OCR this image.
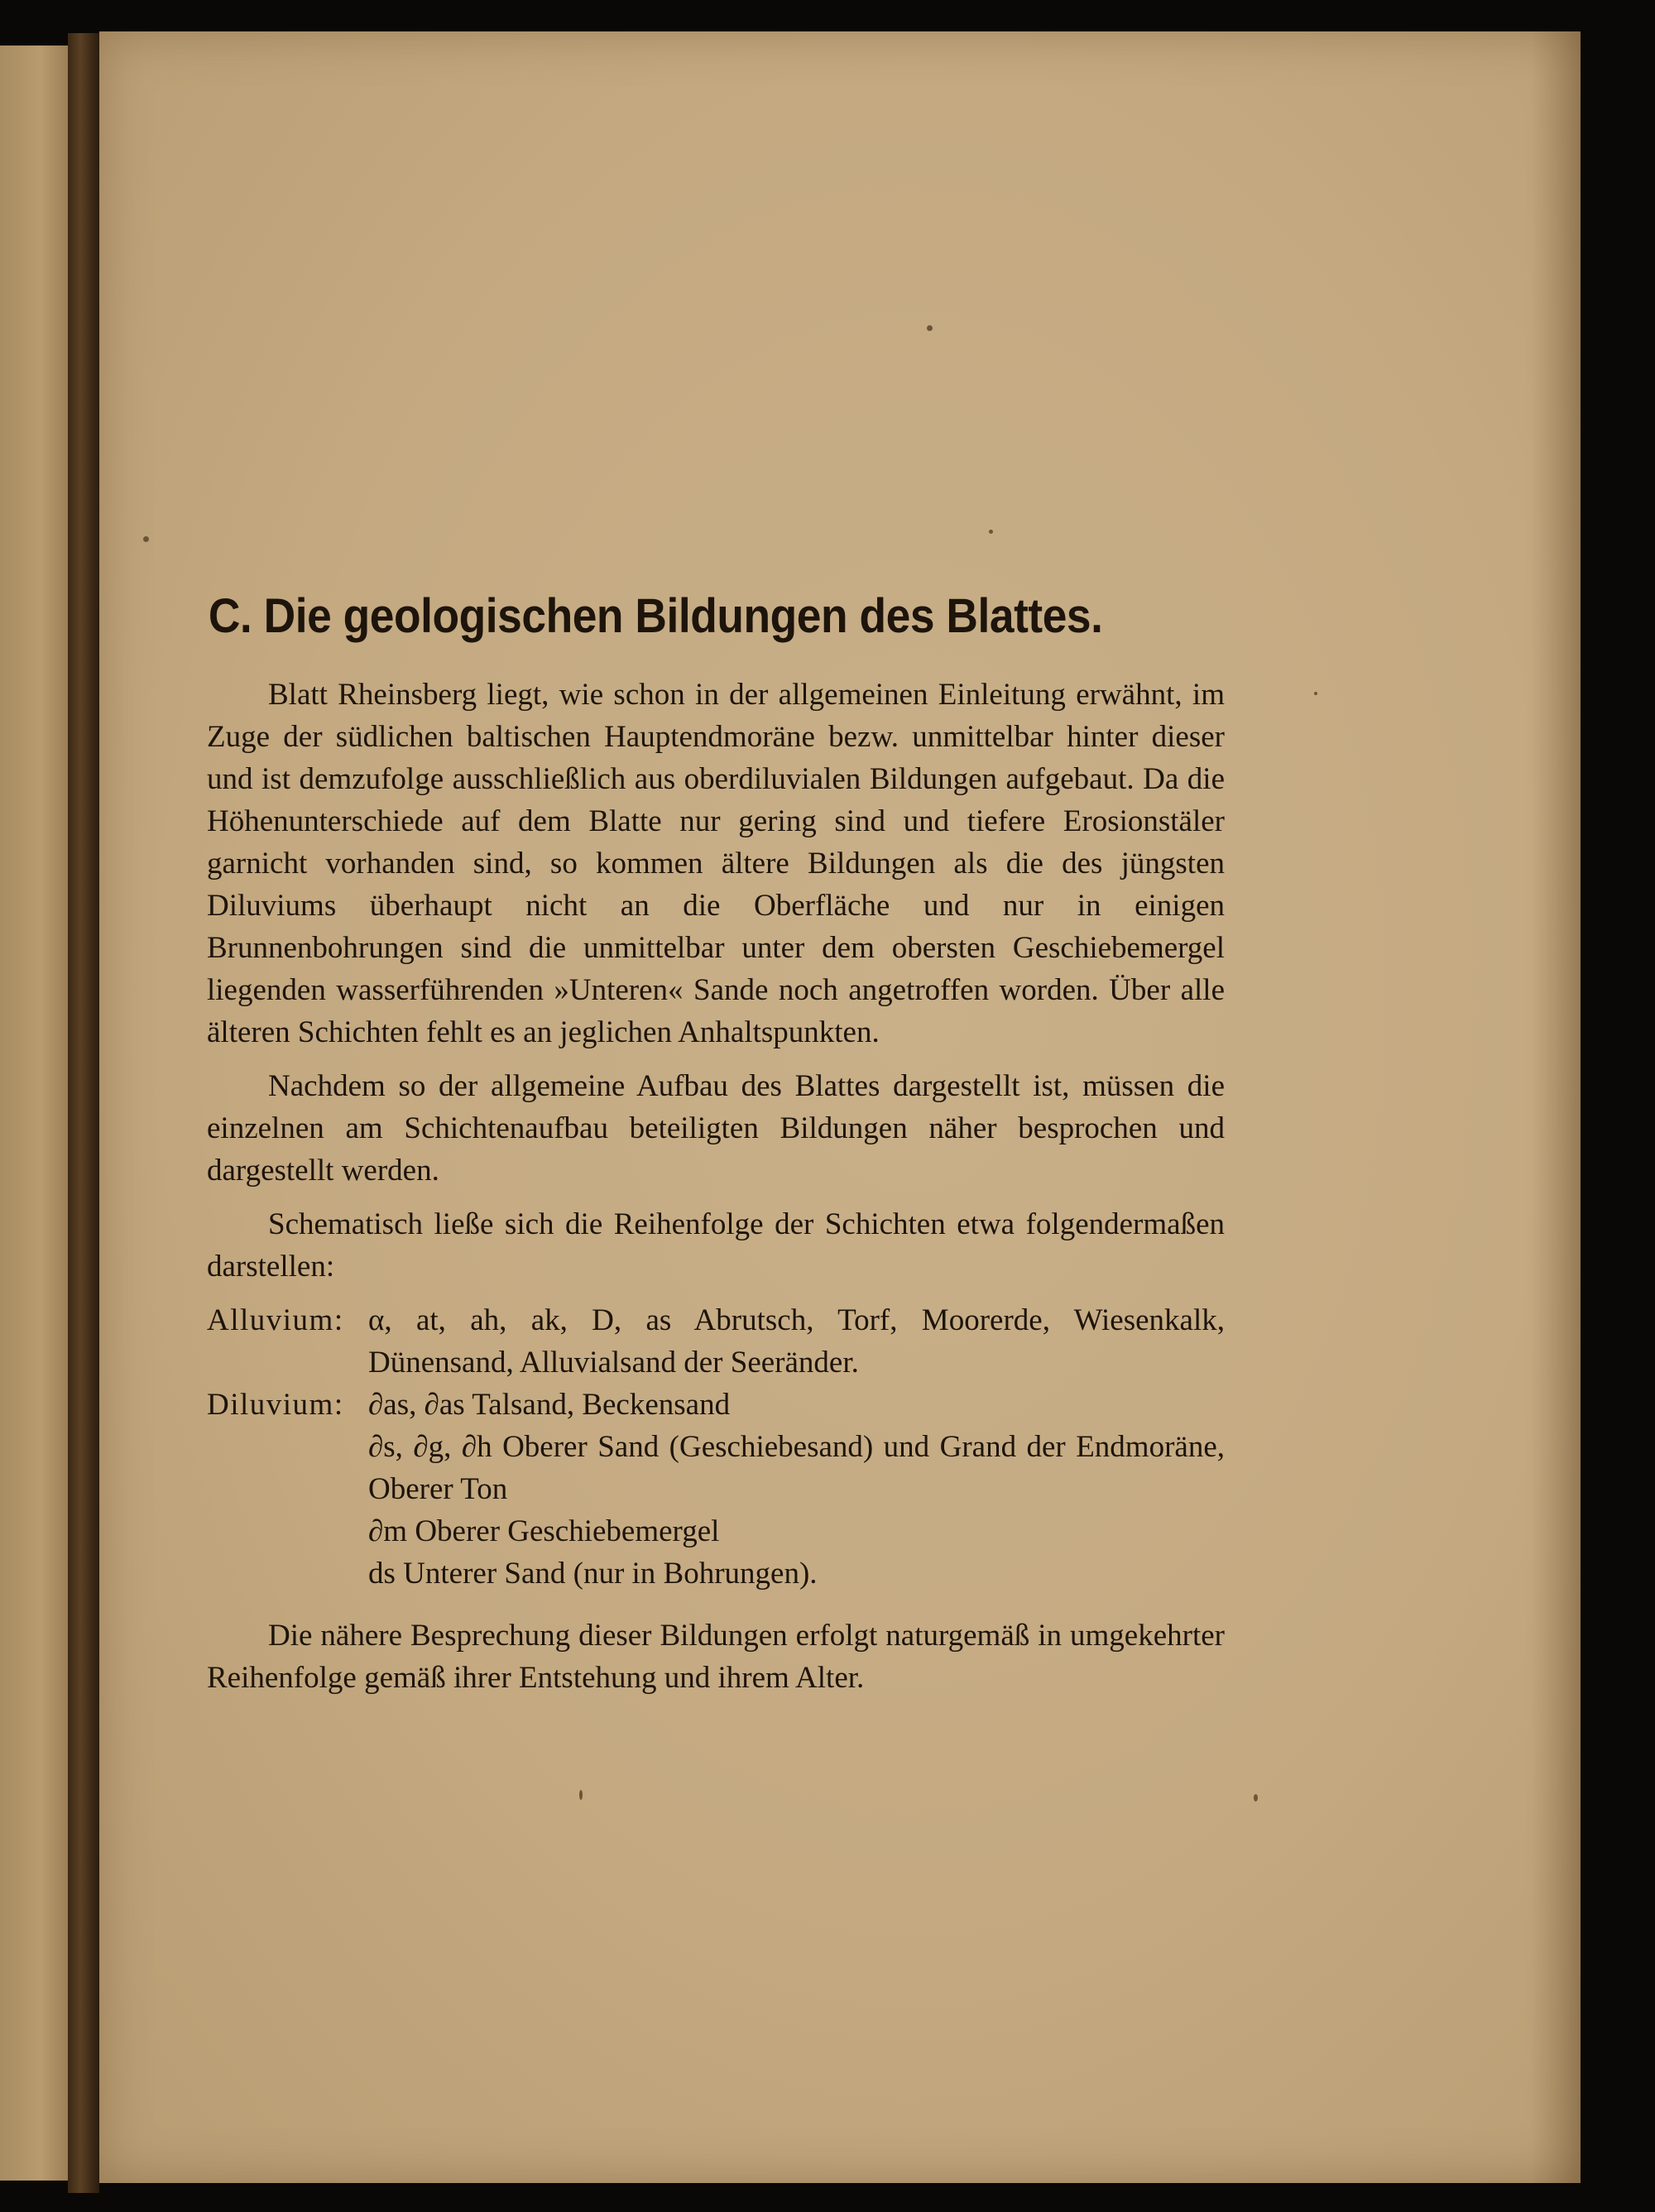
C. Die geologischen Bildungen des Blattes.

Blatt Rheinsberg liegt, wie schon in der allgemeinen Einleitung erwähnt, im Zuge der südlichen baltischen Hauptendmoräne bezw. unmittelbar hinter dieser und ist demzufolge ausschließlich aus oberdiluvialen Bildungen aufgebaut. Da die Höhenunterschiede auf dem Blatte nur gering sind und tiefere Erosionstäler garnicht vorhanden sind, so kommen ältere Bildungen als die des jüngsten Diluviums überhaupt nicht an die Oberfläche und nur in einigen Brunnenbohrungen sind die unmittelbar unter dem obersten Geschiebemergel liegenden wasserführenden »Unteren« Sande noch angetroffen worden. Über alle älteren Schichten fehlt es an jeglichen Anhaltspunkten.

Nachdem so der allgemeine Aufbau des Blattes dargestellt ist, müssen die einzelnen am Schichtenaufbau beteiligten Bildungen näher besprochen und dargestellt werden.

Schematisch ließe sich die Reihenfolge der Schichten etwa folgendermaßen darstellen:

Alluvium: α, at, ah, ak, D, as Abrutsch, Torf, Moorerde, Wiesenkalk, Dünensand, Alluvialsand der Seeränder.
Diluvium: ∂as, ∂as Talsand, Beckensand
∂s, ∂g, ∂h Oberer Sand (Geschiebesand) und Grand der Endmoräne, Oberer Ton
∂m Oberer Geschiebemergel
ds Unterer Sand (nur in Bohrungen).

Die nähere Besprechung dieser Bildungen erfolgt naturgemäß in umgekehrter Reihenfolge gemäß ihrer Entstehung und ihrem Alter.
